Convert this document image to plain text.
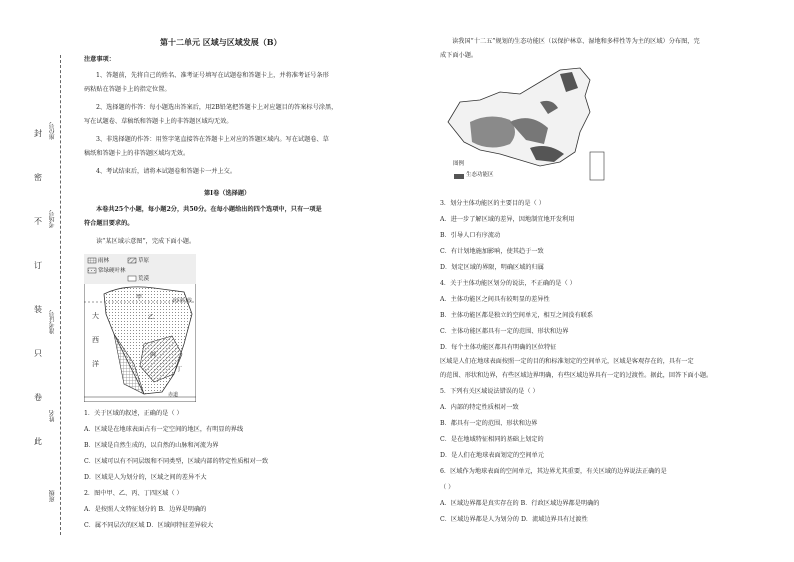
封
密
不
订
装
只
卷
此
座位号
考场号
准考证号
姓名
班级
第十二单元 区域与区域发展（B）
注意事项：
1、答题前，先将自己的姓名、准考证号填写在试题卷和答题卡上，并将准考证号条形
码粘贴在答题卡上的指定位置。
2、选择题的作答：每小题选出答案后，用2B铅笔把答题卡上对应题目的答案标号涂黑，
写在试题卷、草稿纸和答题卡上的非答题区域均无效。
3、非选择题的作答：用签字笔直接答在答题卡上对应的答题区域内。写在试题卷、草
稿纸和答题卡上的非答题区域均无效。
4、考试结束后，请将本试题卷和答题卡一并上交。
第Ⅰ卷（选择题）
本卷共25个小题，每小题2分，共50分。在每小题给出的四个选项中，只有一项是
符合题目要求的。
读“某区域示意图”，完成下面小题。
雨林	草原
常绿硬叶林
荒漠
北回归线
大
西
洋
甲
乙
丙
丁
赤道
1．关于区域的叙述，正确的是（ ）
A．区域是在地球表面占有一定空间的地区，有明显的界线
B．区域是自然生成的，以自然的山脉和河流为界
C．区域可以有不同层级和不同类型，区域内部的特定性质相对一致
D．区域是人为划分的，区域之间的差异不大
2．图中甲、乙、丙、丁四区域（ ）
A．是按照人文特征划分的 B．边界是明确的
C．属不同层次的区域 D．区域间特征差异较大
读我国“十二五”规划的生态功能区（以保护林草、湿地和多样性等为主的区域）分布图，完
成下面小题。
图例
生态功能区
3．划分主体功能区的主要目的是（ ）
A．进一步了解区域的差异，因地制宜地开发利用
B．引导人口有序流动
C．有计划地施加影响，使其趋于一致
D．划定区域的界限，明确区域的归属
4．关于主体功能区划分的说法，不正确的是（ ）
A．主体功能区之间具有较明显的差异性
B．主体功能区都是独立的空间单元，相互之间没有联系
C．主体功能区都具有一定的范围、形状和边界
D．每个主体功能区都具有明确的区位特征
区域是人们在地球表面按照一定的目的和标准划定的空间单元，区域是客观存在的，具有一定
的范围、形状和边界，有些区域边界明确，有些区域边界具有一定的过渡性。据此，回答下面小题。
5．下列有关区域说法错误的是（ ）
A．内部的特定性质相对一致
B．都具有一定的范围、形状和边界
C．是在地域特征相同的基础上划定的
D．是人们在地球表面划定的空间单元
6．区域作为地球表面的空间单元，其边界尤其重要，有关区域的边界说法正确的是
（ ）
A．区域边界都是真实存在的 B．行政区域边界都是明确的
C．区域边界都是人为划分的 D．流域边界具有过渡性
